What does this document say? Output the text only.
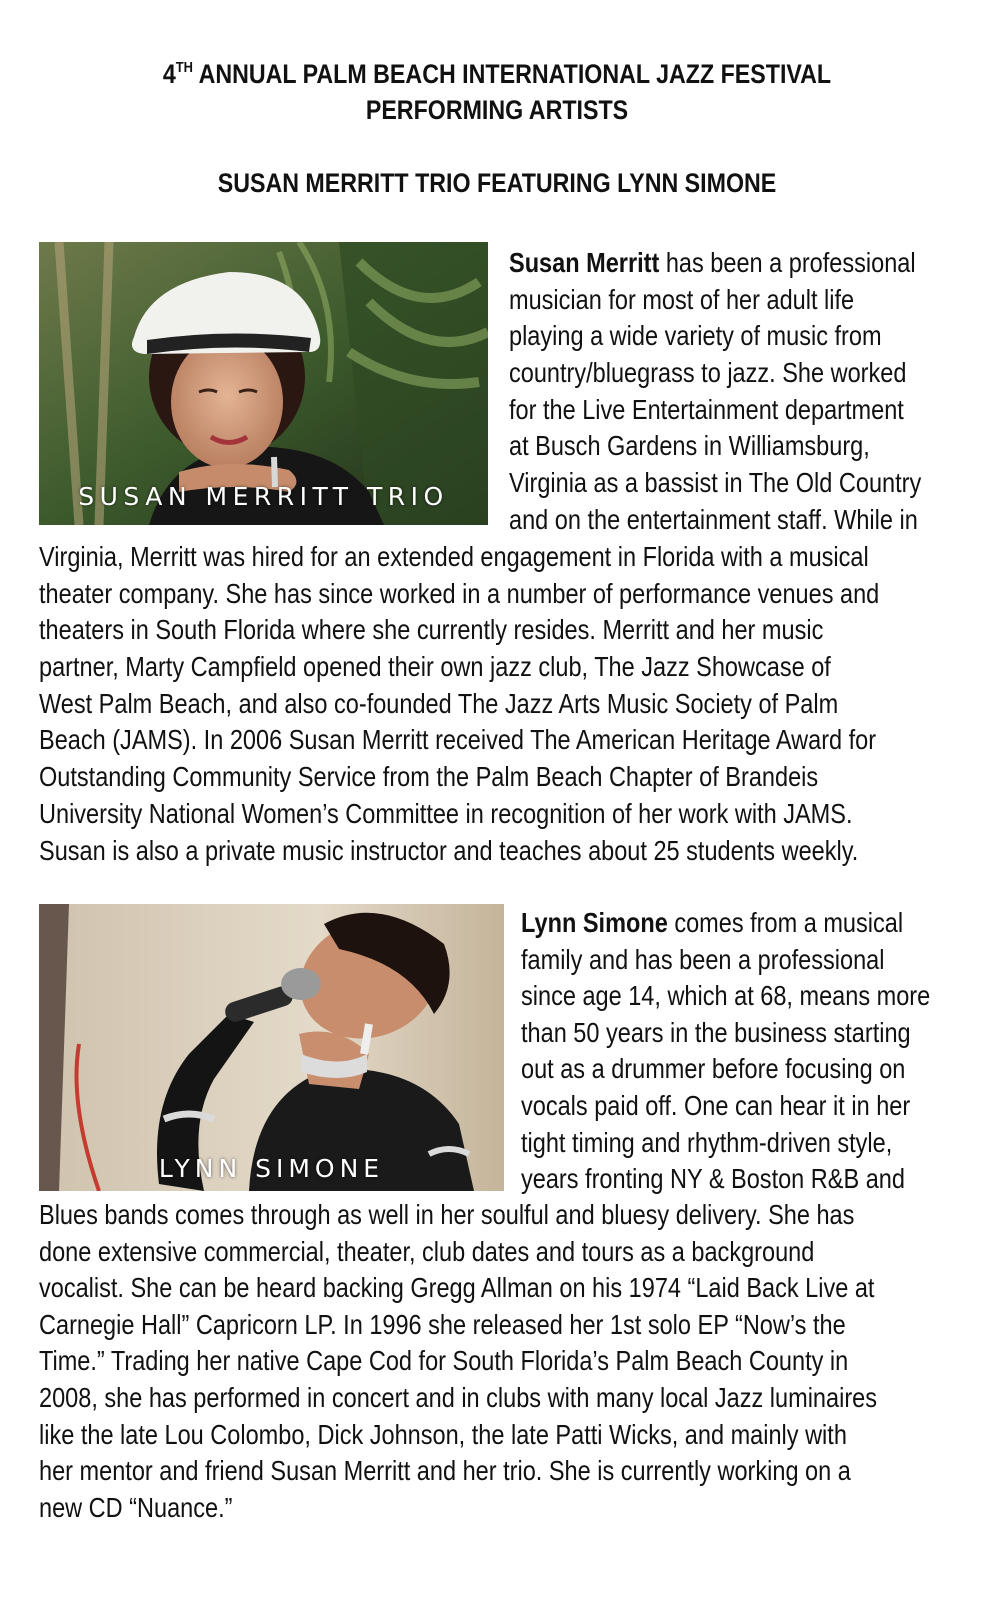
4TH ANNUAL PALM BEACH INTERNATIONAL JAZZ FESTIVAL
PERFORMING ARTISTS
SUSAN MERRITT TRIO FEATURING LYNN SIMONE
SUSAN MERRITT TRIO
Susan Merritt has been a professional
musician for most of her adult life
playing a wide variety of music from
country/bluegrass to jazz. She worked
for the Live Entertainment department
at Busch Gardens in Williamsburg,
Virginia as a bassist in The Old Country
and on the entertainment staff. While in
Virginia, Merritt was hired for an extended engagement in Florida with a musical
theater company. She has since worked in a number of performance venues and
theaters in South Florida where she currently resides. Merritt and her music
partner, Marty Campfield opened their own jazz club, The Jazz Showcase of
West Palm Beach, and also co-founded The Jazz Arts Music Society of Palm
Beach (JAMS). In 2006 Susan Merritt received The American Heritage Award for
Outstanding Community Service from the Palm Beach Chapter of Brandeis
University National Women’s Committee in recognition of her work with JAMS.
Susan is also a private music instructor and teaches about 25 students weekly.
LYNN SIMONE
Lynn Simone comes from a musical
family and has been a professional
since age 14, which at 68, means more
than 50 years in the business starting
out as a drummer before focusing on
vocals paid off. One can hear it in her
tight timing and rhythm-driven style,
years fronting NY & Boston R&B and
Blues bands comes through as well in her soulful and bluesy delivery. She has
done extensive commercial, theater, club dates and tours as a background
vocalist. She can be heard backing Gregg Allman on his 1974 “Laid Back Live at
Carnegie Hall” Capricorn LP. In 1996 she released her 1st solo EP “Now’s the
Time.” Trading her native Cape Cod for South Florida’s Palm Beach County in
2008, she has performed in concert and in clubs with many local Jazz luminaires
like the late Lou Colombo, Dick Johnson, the late Patti Wicks, and mainly with
her mentor and friend Susan Merritt and her trio. She is currently working on a
new CD “Nuance.”
